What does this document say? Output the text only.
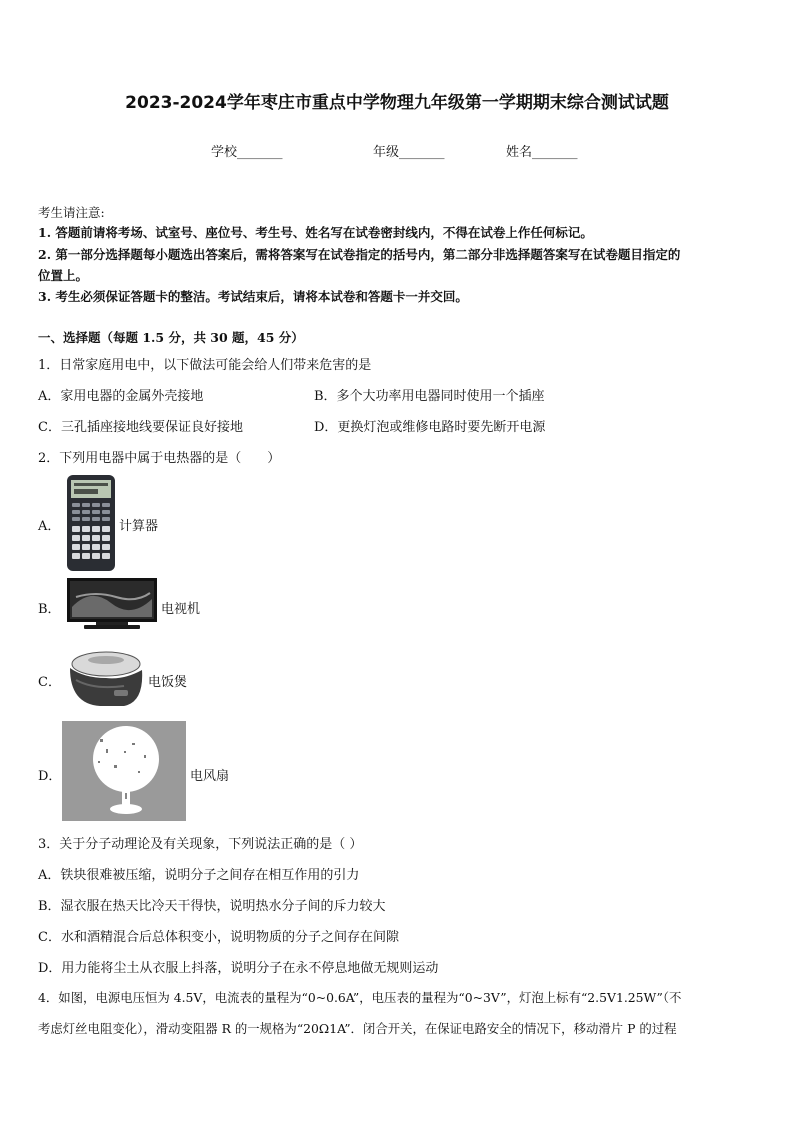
2023-2024学年枣庄市重点中学物理九年级第一学期期末综合测试试题
学校_______	年级_______	姓名_______
考生请注意:
1. 答题前请将考场、试室号、座位号、考生号、姓名写在试卷密封线内，不得在试卷上作任何标记。
2. 第一部分选择题每小题选出答案后，需将答案写在试卷指定的括号内，第二部分非选择题答案写在试卷题目指定的
位置上。
3. 考生必须保证答题卡的整洁。考试结束后，请将本试卷和答题卡一并交回。
一、选择题（每题 1.5 分，共 30 题，45 分）
1．日常家庭用电中，以下做法可能会给人们带来危害的是
A．家用电器的金属外壳接地	B．多个大功率用电器同时使用一个插座
C．三孔插座接地线要保证良好接地	D．更换灯泡或维修电路时要先断开电源
2．下列用电器中属于电热器的是（　　）
A．	计算器
B．	电视机
C．	电饭煲
D．	电风扇
3．关于分子动理论及有关现象，下列说法正确的是（ ）
A．铁块很难被压缩，说明分子之间存在相互作用的引力
B．湿衣服在热天比冷天干得快，说明热水分子间的斥力较大
C．水和酒精混合后总体积变小，说明物质的分子之间存在间隙
D．用力能将尘土从衣服上抖落，说明分子在永不停息地做无规则运动
4．如图，电源电压恒为 4.5V，电流表的量程为“0~0.6A”，电压表的量程为“0~3V”，灯泡上标有“2.5V1.25W”（不
考虑灯丝电阻变化），滑动变阻器 R 的一规格为“20Ω1A”．闭合开关，在保证电路安全的情况下，移动滑片 P 的过程
